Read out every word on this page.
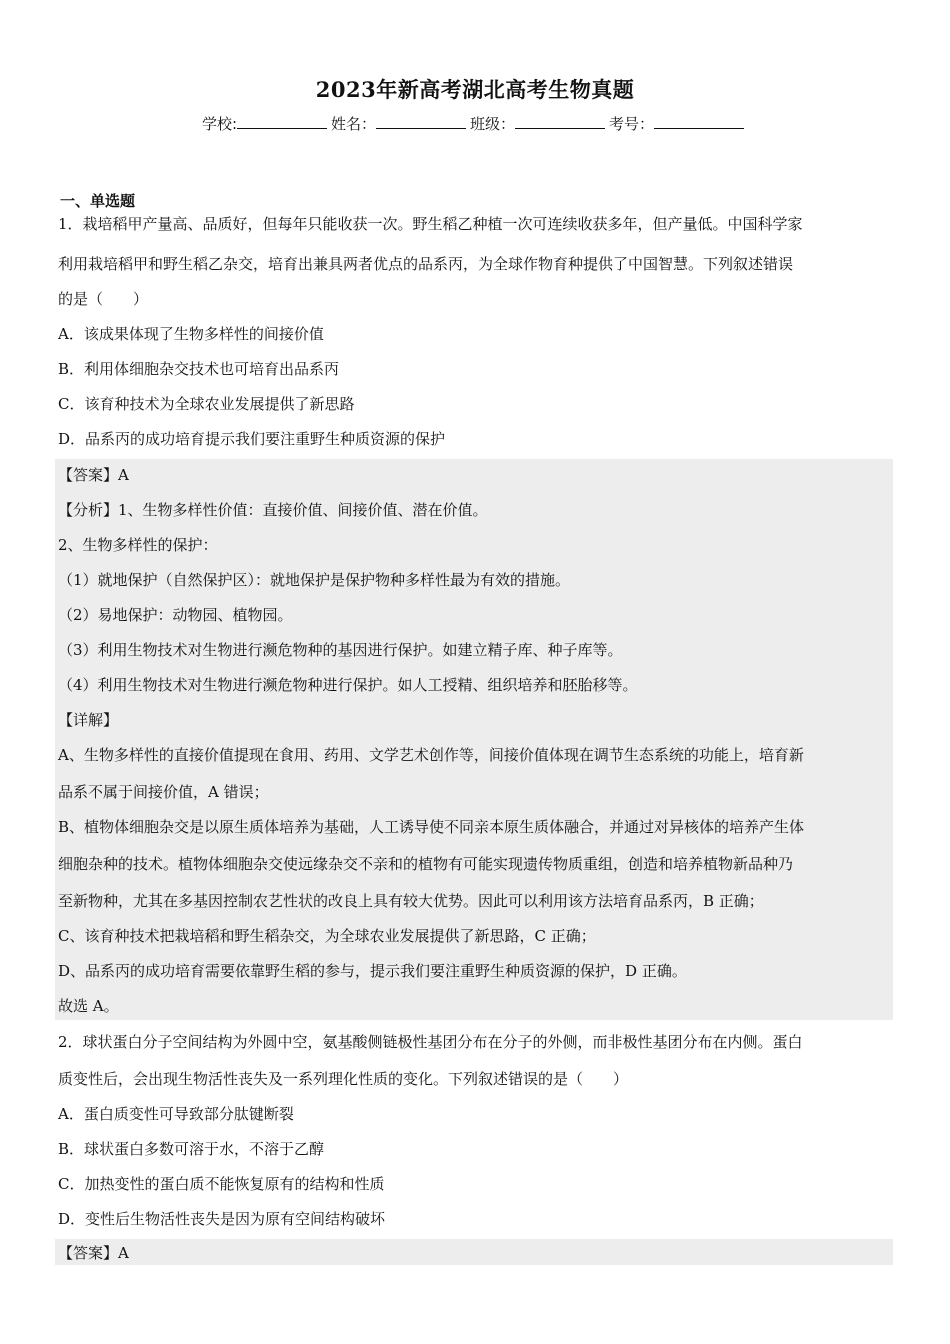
2023年新高考湖北高考生物真题
学校:	姓名：	班级：	考号：
一、单选题
1．栽培稻甲产量高、品质好，但每年只能收获一次。野生稻乙种植一次可连续收获多年，但产量低。中国科学家
利用栽培稻甲和野生稻乙杂交，培育出兼具两者优点的品系丙，为全球作物育种提供了中国智慧。下列叙述错误
的是（　　）
A．该成果体现了生物多样性的间接价值
B．利用体细胞杂交技术也可培育出品系丙
C．该育种技术为全球农业发展提供了新思路
D．品系丙的成功培育提示我们要注重野生种质资源的保护
【答案】A
【分析】1、生物多样性价值：直接价值、间接价值、潜在价值。
2、生物多样性的保护：
（1）就地保护（自然保护区）：就地保护是保护物种多样性最为有效的措施。
（2）易地保护：动物园、植物园。
（3）利用生物技术对生物进行濒危物种的基因进行保护。如建立精子库、种子库等。
（4）利用生物技术对生物进行濒危物种进行保护。如人工授精、组织培养和胚胎移等。
【详解】
A、生物多样性的直接价值提现在食用、药用、文学艺术创作等，间接价值体现在调节生态系统的功能上，培育新
品系不属于间接价值，A 错误；
B、植物体细胞杂交是以原生质体培养为基础，人工诱导使不同亲本原生质体融合，并通过对异核体的培养产生体
细胞杂种的技术。植物体细胞杂交使远缘杂交不亲和的植物有可能实现遗传物质重组，创造和培养植物新品种乃
至新物种，尤其在多基因控制农艺性状的改良上具有较大优势。因此可以利用该方法培育品系丙，B 正确；
C、该育种技术把栽培稻和野生稻杂交，为全球农业发展提供了新思路，C 正确；
D、品系丙的成功培育需要依靠野生稻的参与，提示我们要注重野生种质资源的保护，D 正确。
故选 A。
2．球状蛋白分子空间结构为外圆中空，氨基酸侧链极性基团分布在分子的外侧，而非极性基团分布在内侧。蛋白
质变性后，会出现生物活性丧失及一系列理化性质的变化。下列叙述错误的是（　　）
A．蛋白质变性可导致部分肽键断裂
B．球状蛋白多数可溶于水，不溶于乙醇
C．加热变性的蛋白质不能恢复原有的结构和性质
D．变性后生物活性丧失是因为原有空间结构破坏
【答案】A
